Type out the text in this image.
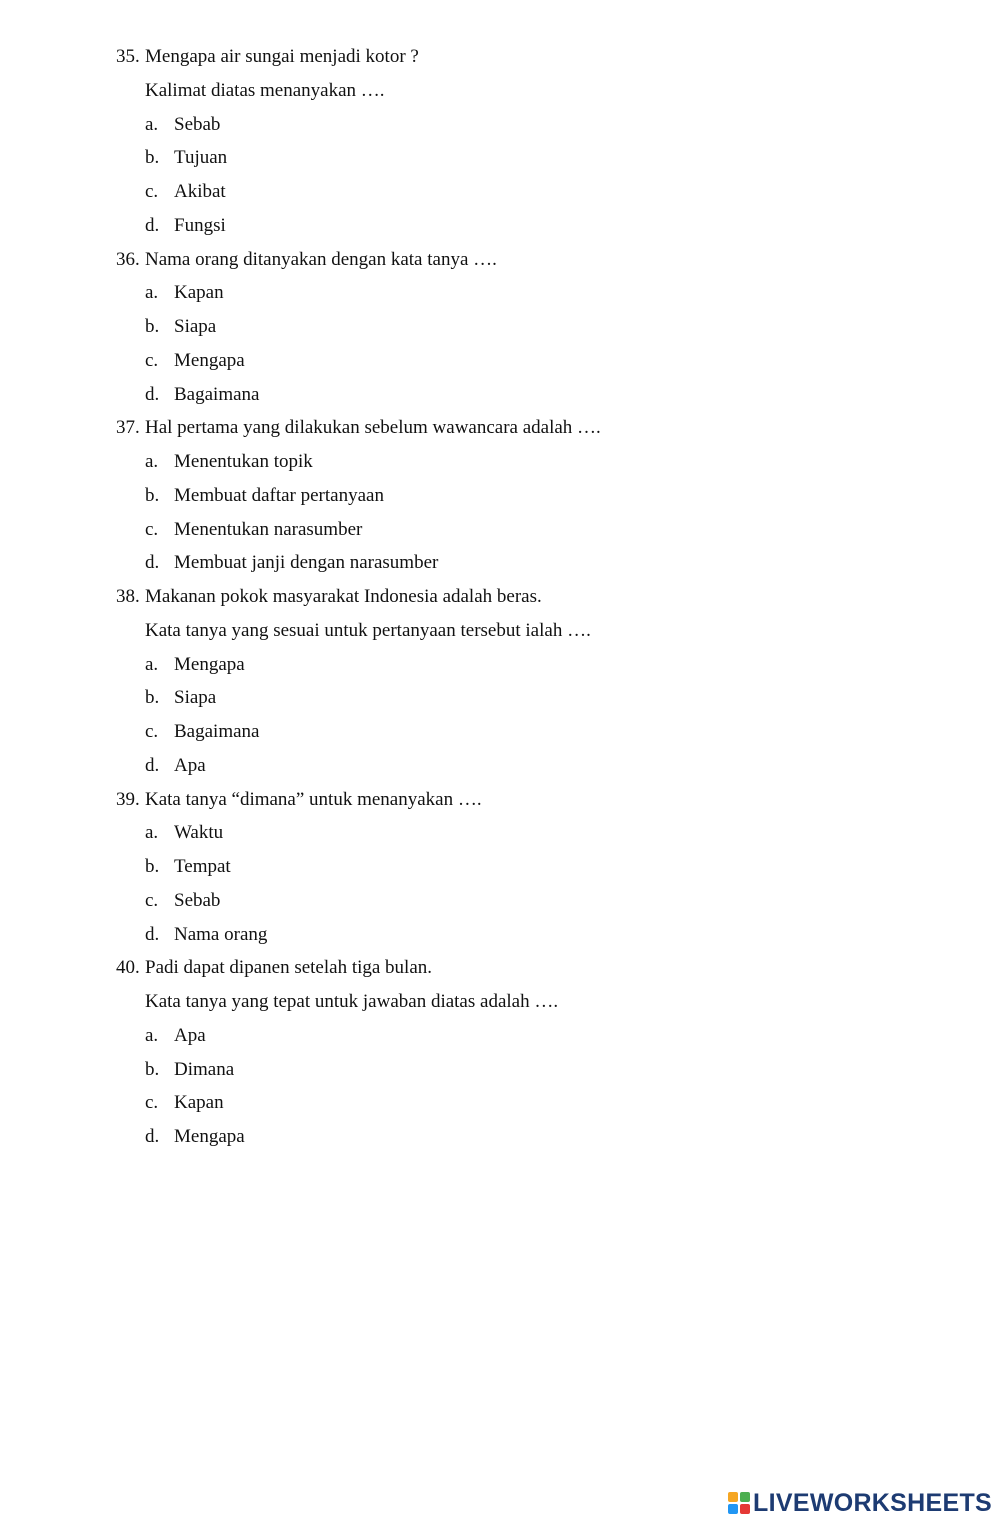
35. Mengapa air sungai menjadi kotor ?
Kalimat diatas menanyakan ….
a. Sebab
b. Tujuan
c. Akibat
d. Fungsi
36. Nama orang ditanyakan dengan kata tanya ….
a. Kapan
b. Siapa
c. Mengapa
d. Bagaimana
37. Hal pertama yang dilakukan sebelum wawancara adalah ….
a. Menentukan topik
b. Membuat daftar pertanyaan
c. Menentukan narasumber
d. Membuat janji dengan narasumber
38. Makanan pokok masyarakat Indonesia adalah beras.
Kata tanya yang sesuai untuk pertanyaan tersebut ialah ….
a. Mengapa
b. Siapa
c. Bagaimana
d. Apa
39. Kata tanya “dimana” untuk menanyakan ….
a. Waktu
b. Tempat
c. Sebab
d. Nama orang
40. Padi dapat dipanen setelah tiga bulan.
Kata tanya yang tepat untuk jawaban diatas adalah ….
a. Apa
b. Dimana
c. Kapan
d. Mengapa
LIVEWORKSHEETS
